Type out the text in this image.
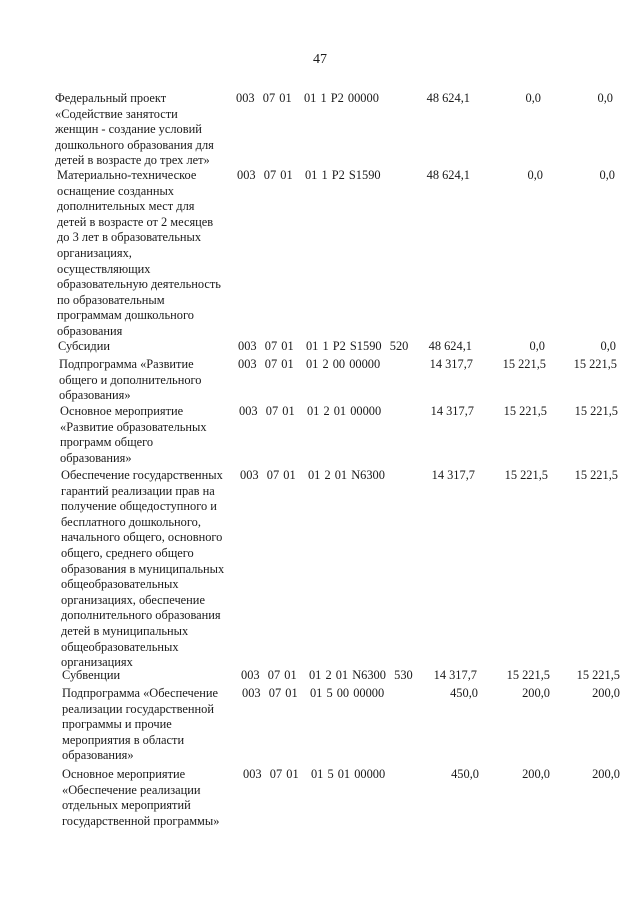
47
Федеральный проект
«Содействие занятости
женщин - создание условий
дошкольного образования для
детей в возрасте до трех лет»
003  07 01   01 1 P2 00000	48 624,1	0,0	0,0
Материально-техническое
оснащение созданных
дополнительных мест для
детей в возрасте от 2 месяцев
до 3 лет в образовательных
организациях,
осуществляющих
образовательную деятельность
по образовательным
программам дошкольного
образования
003  07 01   01 1 P2 S1590	48 624,1	0,0	0,0
Субсидии	003  07 01   01 1 P2 S1590  520	48 624,1	0,0	0,0
Подпрограмма «Развитие
общего и дополнительного
образования»
003  07 01   01 2 00 00000	14 317,7	15 221,5	15 221,5
Основное мероприятие
«Развитие образовательных
программ общего
образования»
003  07 01   01 2 01 00000	14 317,7	15 221,5	15 221,5
Обеспечение государственных
гарантий реализации прав на
получение общедоступного и
бесплатного дошкольного,
начального общего, основного
общего, среднего общего
образования в муниципальных
общеобразовательных
организациях, обеспечение
дополнительного образования
детей в муниципальных
общеобразовательных
организациях
003  07 01   01 2 01 N6300	14 317,7	15 221,5	15 221,5
Субвенции	003  07 01   01 2 01 N6300  530	14 317,7	15 221,5	15 221,5
Подпрограмма «Обеспечение
реализации государственной
программы и прочие
мероприятия в области
образования»
003  07 01   01 5 00 00000	450,0	200,0	200,0
Основное мероприятие
«Обеспечение реализации
отдельных мероприятий
государственной программы»
003  07 01   01 5 01 00000	450,0	200,0	200,0
